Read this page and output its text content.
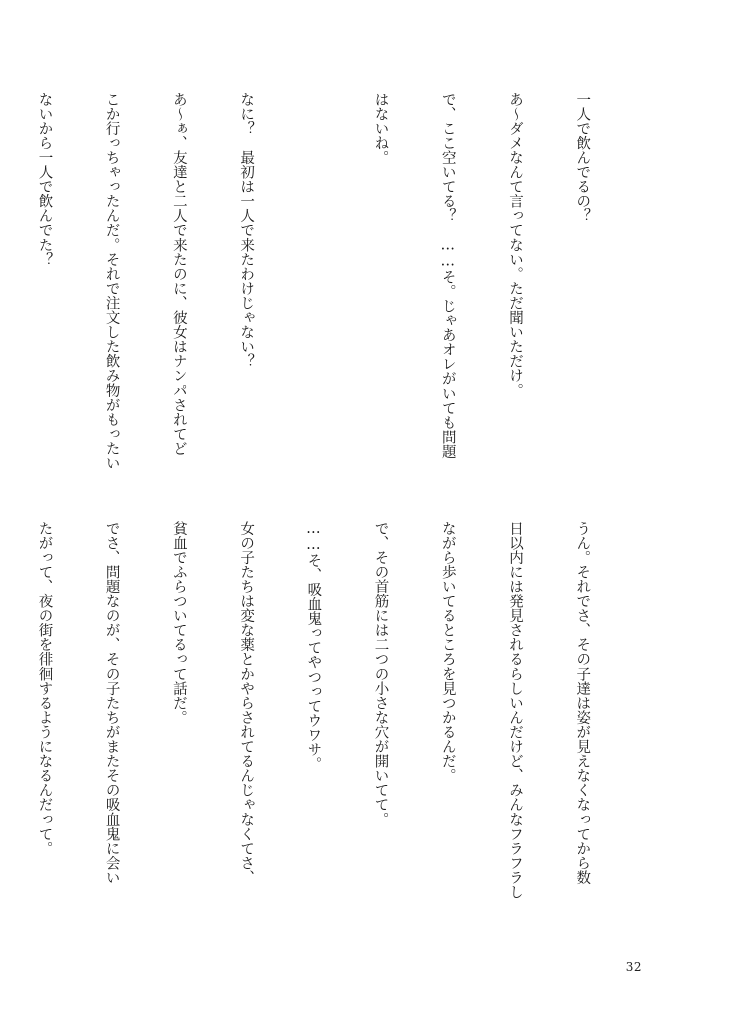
一人で飲んでるの？

あ〜ダメなんて言ってない。ただ聞いただけ。

で、ここ空いてる？　……そ。じゃあオレがいても問題

はないね。

なに？　最初は一人で来たわけじゃない？

あ〜ぁ、友達と二人で来たのに、彼女はナンパされてど

こか行っちゃったんだ。それで注文した飲み物がもったい

ないから一人で飲んでた？

うん。それでさ、その子達は姿が見えなくなってから数

日以内には発見されるらしいんだけど、みんなフラフラし

ながら歩いてるところを見つかるんだ。

で、その首筋には二つの小さな穴が開いてて。

……そ、吸血鬼ってやつってウワサ。

女の子たちは変な薬とかやらされてるんじゃなくてさ、

貧血でふらついてるって話だ。

でさ、問題なのが、その子たちがまたその吸血鬼に会い

たがって、夜の街を徘徊するようになるんだって。

32
